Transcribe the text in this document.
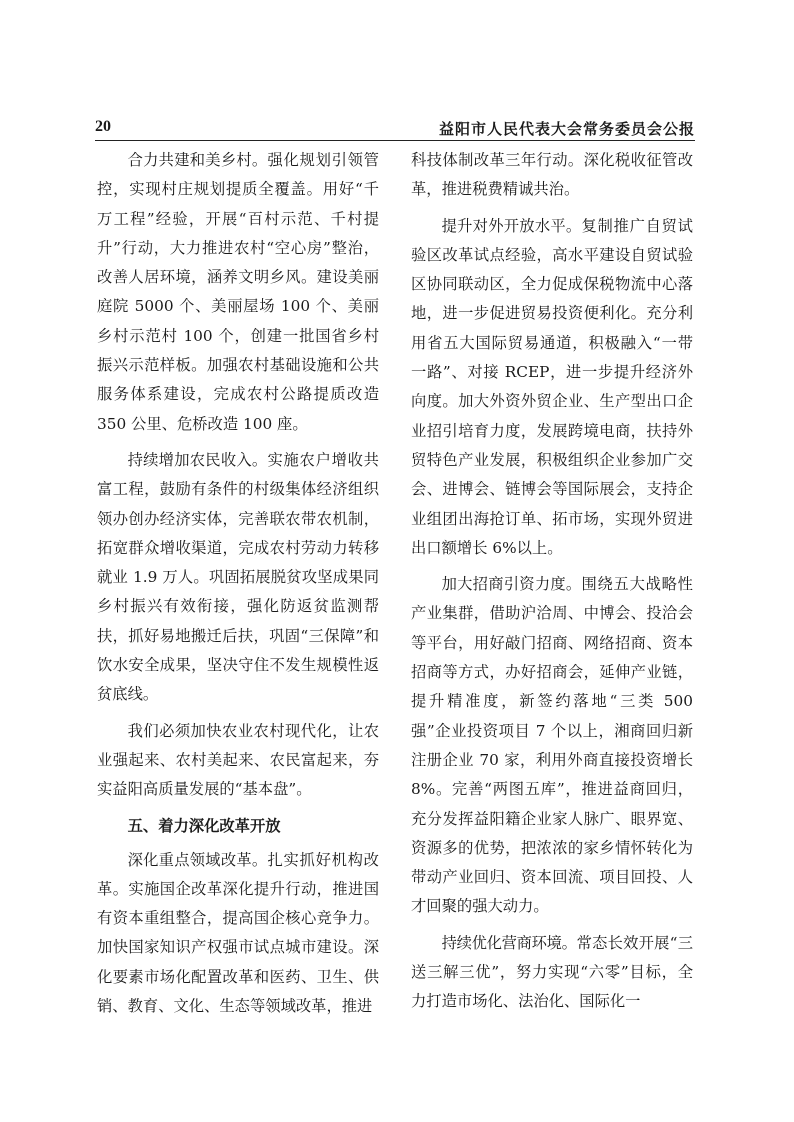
20	益阳市人民代表大会常务委员会公报

合力共建和美乡村。强化规划引领管控，实现村庄规划提质全覆盖。用好“千万工程”经验，开展“百村示范、千村提升”行动，大力推进农村“空心房”整治，改善人居环境，涵养文明乡风。建设美丽庭院 5000 个、美丽屋场 100 个、美丽乡村示范村 100 个，创建一批国省乡村振兴示范样板。加强农村基础设施和公共服务体系建设，完成农村公路提质改造 350 公里、危桥改造 100 座。

持续增加农民收入。实施农户增收共富工程，鼓励有条件的村级集体经济组织领办创办经济实体，完善联农带农机制，拓宽群众增收渠道，完成农村劳动力转移就业 1.9 万人。巩固拓展脱贫攻坚成果同乡村振兴有效衔接，强化防返贫监测帮扶，抓好易地搬迁后扶，巩固“三保障”和饮水安全成果，坚决守住不发生规模性返贫底线。

我们必须加快农业农村现代化，让农业强起来、农村美起来、农民富起来，夯实益阳高质量发展的“基本盘”。

五、着力深化改革开放

深化重点领域改革。扎实抓好机构改革。实施国企改革深化提升行动，推进国有资本重组整合，提高国企核心竞争力。加快国家知识产权强市试点城市建设。深化要素市场化配置改革和医药、卫生、供销、教育、文化、生态等领域改革，推进

科技体制改革三年行动。深化税收征管改革，推进税费精诚共治。

提升对外开放水平。复制推广自贸试验区改革试点经验，高水平建设自贸试验区协同联动区，全力促成保税物流中心落地，进一步促进贸易投资便利化。充分利用省五大国际贸易通道，积极融入“一带一路”、对接 RCEP，进一步提升经济外向度。加大外资外贸企业、生产型出口企业招引培育力度，发展跨境电商，扶持外贸特色产业发展，积极组织企业参加广交会、进博会、链博会等国际展会，支持企业组团出海抢订单、拓市场，实现外贸进出口额增长 6%以上。

加大招商引资力度。围绕五大战略性产业集群，借助沪洽周、中博会、投洽会等平台，用好敲门招商、网络招商、资本招商等方式，办好招商会，延伸产业链，提升精准度，新签约落地“三类 500 强”企业投资项目 7 个以上，湘商回归新注册企业 70 家，利用外商直接投资增长 8%。完善“两图五库”，推进益商回归，充分发挥益阳籍企业家人脉广、眼界宽、资源多的优势，把浓浓的家乡情怀转化为带动产业回归、资本回流、项目回投、人才回聚的强大动力。

持续优化营商环境。常态长效开展“三送三解三优”，努力实现“六零”目标，全力打造市场化、法治化、国际化一
